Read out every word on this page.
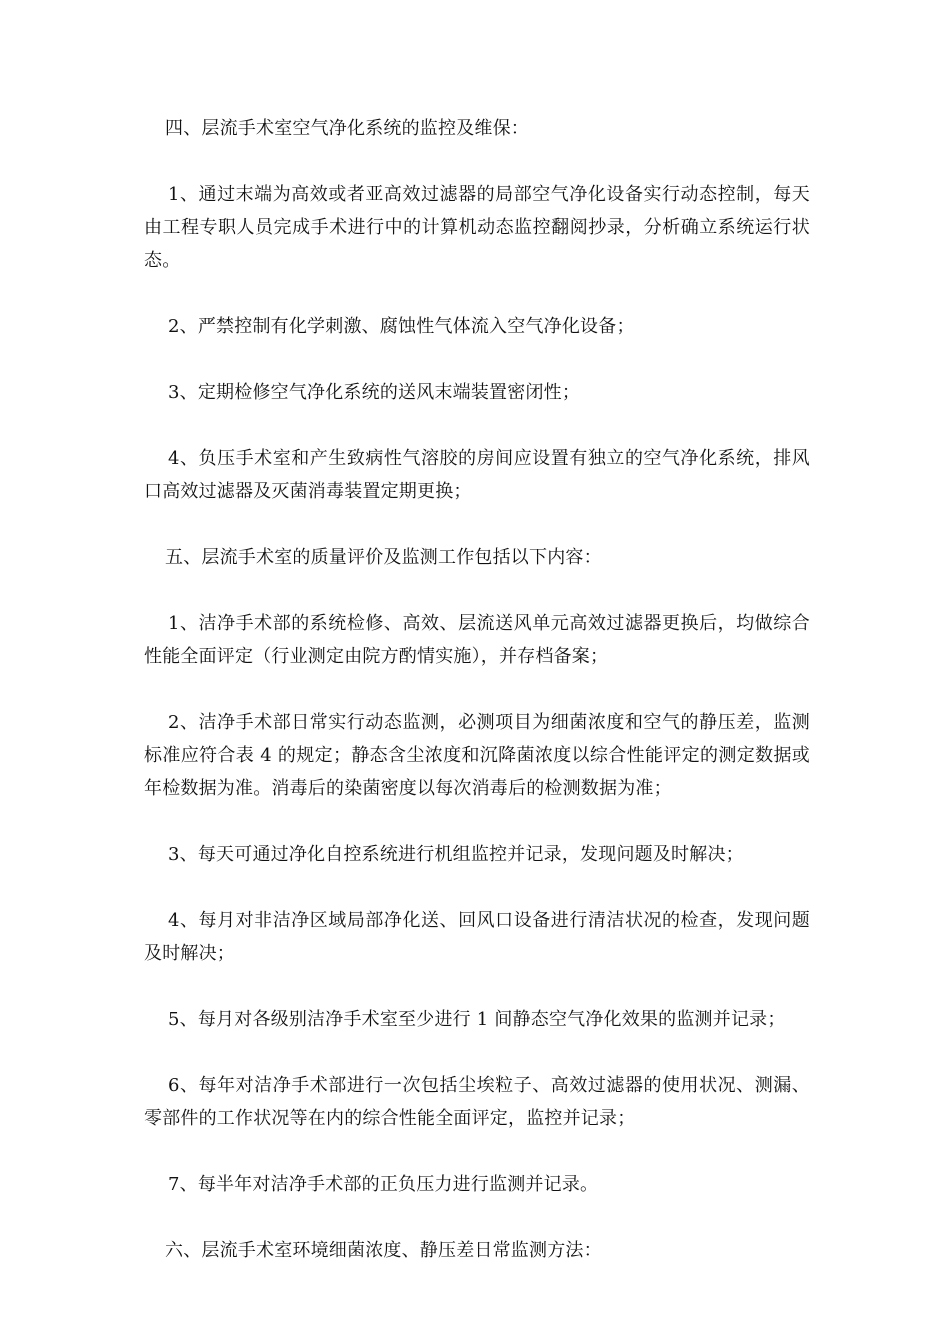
四、层流手术室空气净化系统的监控及维保：

1、通过末端为高效或者亚高效过滤器的局部空气净化设备实行动态控制，每天由工程专职人员完成手术进行中的计算机动态监控翻阅抄录，分析确立系统运行状态。

2、严禁控制有化学刺激、腐蚀性气体流入空气净化设备；

3、定期检修空气净化系统的送风末端装置密闭性；

4、负压手术室和产生致病性气溶胶的房间应设置有独立的空气净化系统，排风口高效过滤器及灭菌消毒装置定期更换；

五、层流手术室的质量评价及监测工作包括以下内容：

1、洁净手术部的系统检修、高效、层流送风单元高效过滤器更换后，均做综合性能全面评定（行业测定由院方酌情实施），并存档备案；

2、洁净手术部日常实行动态监测，必测项目为细菌浓度和空气的静压差，监测标准应符合表 4 的规定；静态含尘浓度和沉降菌浓度以综合性能评定的测定数据或年检数据为准。消毒后的染菌密度以每次消毒后的检测数据为准；

3、每天可通过净化自控系统进行机组监控并记录，发现问题及时解决；

4、每月对非洁净区域局部净化送、回风口设备进行清洁状况的检查，发现问题及时解决；

5、每月对各级别洁净手术室至少进行 1 间静态空气净化效果的监测并记录；

6、每年对洁净手术部进行一次包括尘埃粒子、高效过滤器的使用状况、测漏、零部件的工作状况等在内的综合性能全面评定，监控并记录；

7、每半年对洁净手术部的正负压力进行监测并记录。

六、层流手术室环境细菌浓度、静压差日常监测方法：
